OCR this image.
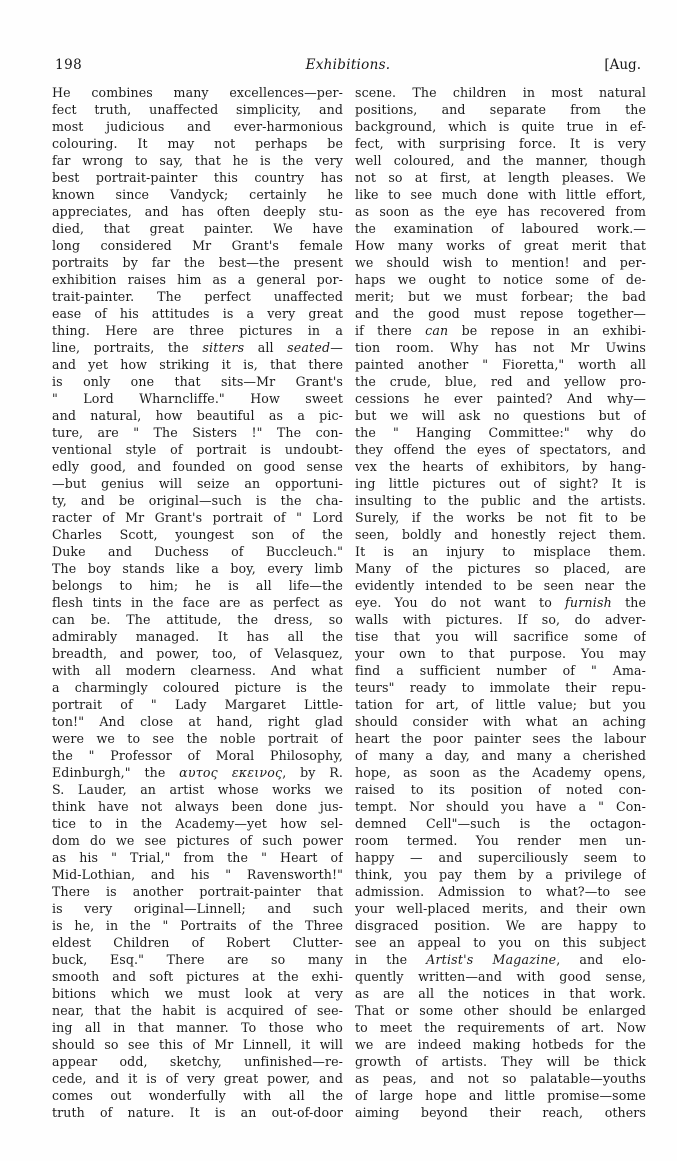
198	Exhibitions.	[Aug.
He combines many excellences—per-
fect truth, unaffected simplicity, and
most judicious and ever-harmonious
colouring. It may not perhaps be
far wrong to say, that he is the very
best portrait-painter this country has
known since Vandyck; certainly he
appreciates, and has often deeply stu-
died, that great painter. We have
long considered Mr Grant's female
portraits by far the best—the present
exhibition raises him as a general por-
trait-painter. The perfect unaffected
ease of his attitudes is a very great
thing. Here are three pictures in a
line, portraits, the sitters all seated—
and yet how striking it is, that there
is only one that sits—Mr Grant's
" Lord Wharncliffe." How sweet
and natural, how beautiful as a pic-
ture, are " The Sisters !" The con-
ventional style of portrait is undoubt-
edly good, and founded on good sense
—but genius will seize an opportuni-
ty, and be original—such is the cha-
racter of Mr Grant's portrait of " Lord
Charles Scott, youngest son of the
Duke and Duchess of Buccleuch."
The boy stands like a boy, every limb
belongs to him; he is all life—the
flesh tints in the face are as perfect as
can be. The attitude, the dress, so
admirably managed. It has all the
breadth, and power, too, of Velasquez,
with all modern clearness. And what
a charmingly coloured picture is the
portrait of " Lady Margaret Little-
ton!" And close at hand, right glad
were we to see the noble portrait of
the " Professor of Moral Philosophy,
Edinburgh," the αυτος εκεινος, by R.
S. Lauder, an artist whose works we
think have not always been done jus-
tice to in the Academy—yet how sel-
dom do we see pictures of such power
as his " Trial," from the " Heart of
Mid-Lothian, and his " Ravensworth!"
There is another portrait-painter that
is very original—Linnell; and such
is he, in the " Portraits of the Three
eldest Children of Robert Clutter-
buck, Esq." There are so many
smooth and soft pictures at the exhi-
bitions which we must look at very
near, that the habit is acquired of see-
ing all in that manner. To those who
should so see this of Mr Linnell, it will
appear odd, sketchy, unfinished—re-
cede, and it is of very great power, and
comes out wonderfully with all the
truth of nature. It is an out-of-door
scene. The children in most natural
positions, and separate from the
background, which is quite true in ef-
fect, with surprising force. It is very
well coloured, and the manner, though
not so at first, at length pleases. We
like to see much done with little effort,
as soon as the eye has recovered from
the examination of laboured work.—
How many works of great merit that
we should wish to mention! and per-
haps we ought to notice some of de-
merit; but we must forbear; the bad
and the good must repose together—
if there can be repose in an exhibi-
tion room. Why has not Mr Uwins
painted another " Fioretta," worth all
the crude, blue, red and yellow pro-
cessions he ever painted? And why—
but we will ask no questions but of
the " Hanging Committee:" why do
they offend the eyes of spectators, and
vex the hearts of exhibitors, by hang-
ing little pictures out of sight? It is
insulting to the public and the artists.
Surely, if the works be not fit to be
seen, boldly and honestly reject them.
It is an injury to misplace them.
Many of the pictures so placed, are
evidently intended to be seen near the
eye. You do not want to furnish the
walls with pictures. If so, do adver-
tise that you will sacrifice some of
your own to that purpose. You may
find a sufficient number of " Ama-
teurs" ready to immolate their repu-
tation for art, of little value; but you
should consider with what an aching
heart the poor painter sees the labour
of many a day, and many a cherished
hope, as soon as the Academy opens,
raised to its position of noted con-
tempt. Nor should you have a " Con-
demned Cell"—such is the octagon-
room termed. You render men un-
happy — and superciliously seem to
think, you pay them by a privilege of
admission. Admission to what?—to see
your well-placed merits, and their own
disgraced position. We are happy to
see an appeal to you on this subject
in the Artist's Magazine, and elo-
quently written—and with good sense,
as are all the notices in that work.
That or some other should be enlarged
to meet the requirements of art. Now
we are indeed making hotbeds for the
growth of artists. They will be thick
as peas, and not so palatable—youths
of large hope and little promise—some
aiming beyond their reach, others
